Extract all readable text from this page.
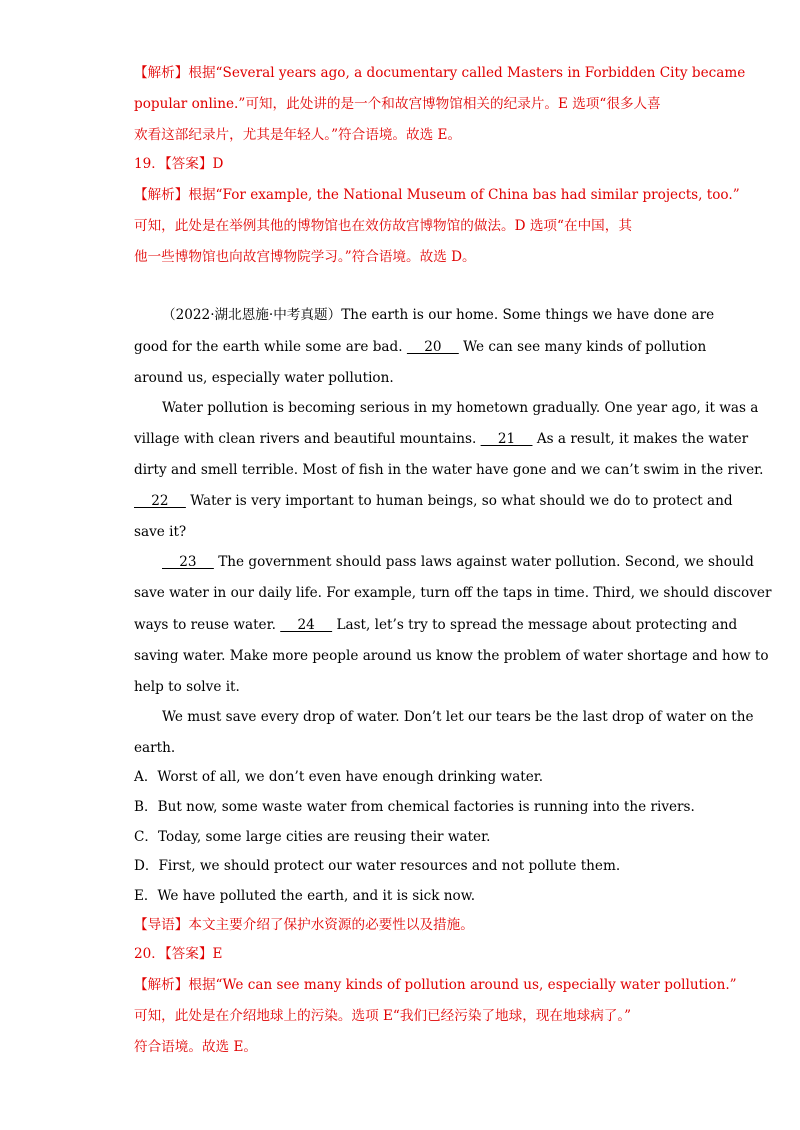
【解析】根据“Several years ago, a documentary called Masters in Forbidden City became
popular online.”可知，此处讲的是一个和故宫博物馆相关的纪录片。E 选项“很多人喜
欢看这部纪录片，尤其是年轻人。”符合语境。故选 E。
19．【答案】D
【解析】根据“For example, the National Museum of China bas had similar projects, too.”
可知，此处是在举例其他的博物馆也在效仿故宫博物馆的做法。D 选项“在中国，其
他一些博物馆也向故宫博物院学习。”符合语境。故选 D。
（2022·湖北恩施·中考真题）The earth is our home. Some things we have done are
good for the earth while some are bad.     20     We can see many kinds of pollution
around us, especially water pollution.
Water pollution is becoming serious in my hometown gradually. One year ago, it was a
village with clean rivers and beautiful mountains.     21     As a result, it makes the water
dirty and smell terrible. Most of fish in the water have gone and we can’t swim in the river.
22     Water is very important to human beings, so what should we do to protect and
save it?
23     The government should pass laws against water pollution. Second, we should
save water in our daily life. For example, turn off the taps in time. Third, we should discover
ways to reuse water.     24     Last, let’s try to spread the message about protecting and
saving water. Make more people around us know the problem of water shortage and how to
help to solve it.
We must save every drop of water. Don’t let our tears be the last drop of water on the
earth.
A．Worst of all, we don’t even have enough drinking water.
B．But now, some waste water from chemical factories is running into the rivers.
C．Today, some large cities are reusing their water.
D．First, we should protect our water resources and not pollute them.
E．We have polluted the earth, and it is sick now.
【导语】本文主要介绍了保护水资源的必要性以及措施。
20．【答案】E
【解析】根据“We can see many kinds of pollution around us, especially water pollution.”
可知，此处是在介绍地球上的污染。选项 E“我们已经污染了地球，现在地球病了。”
符合语境。故选 E。
